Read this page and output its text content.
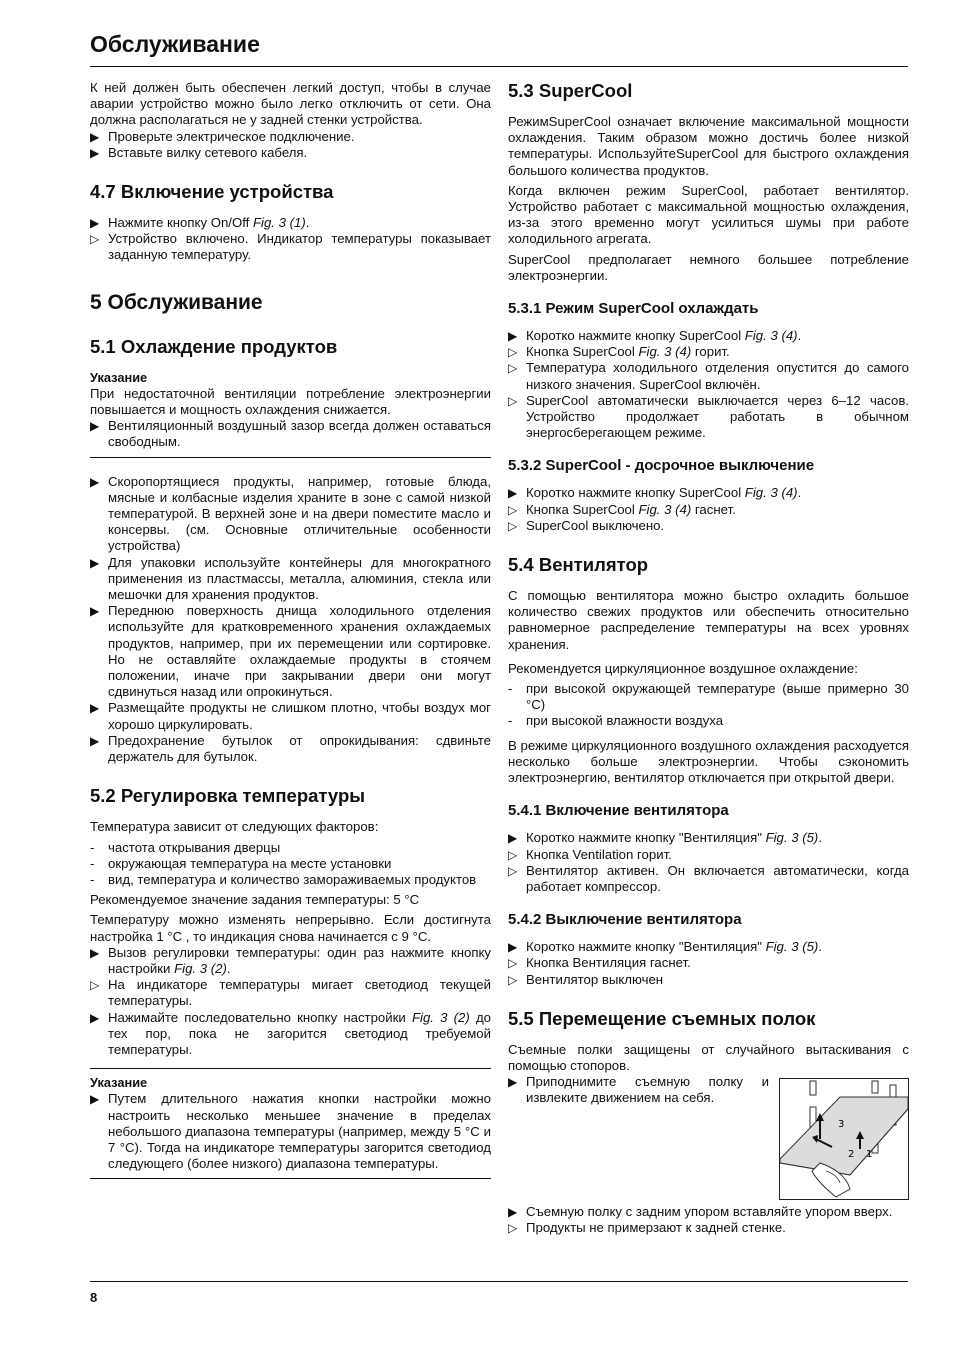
Обслуживание

К ней должен быть обеспечен легкий доступ, чтобы в случае аварии устройство можно было легко отключить от сети. Она должна располагаться не у задней стенки устройства.

▶ Проверьте электрическое подключение.
▶ Вставьте вилку сетевого кабеля.
4.7 Включение устройства
▶ Нажмите кнопку On/Off Fig. 3 (1).
▷ Устройство включено. Индикатор температуры показывает заданную температуру.
5 Обслуживание
5.1 Охлаждение продуктов
Указание

При недостаточной вентиляции потребление электроэнергии повышается и мощность охлаждения снижается.

▶ Вентиляционный воздушный зазор всегда должен оставаться свободным.
▶ Скоропортящиеся продукты, например, готовые блюда, мясные и колбасные изделия храните в зоне с самой низкой температурой. В верхней зоне и на двери поместите масло и консервы. (см. Основные отличительные особенности устройства)
▶ Для упаковки используйте контейнеры для многократного применения из пластмассы, металла, алюминия, стекла или мешочки для хранения продуктов.
▶ Переднюю поверхность днища холодильного отделения используйте для кратковременного хранения охлаждаемых продуктов, например, при их перемещении или сортировке. Но не оставляйте охлаждаемые продукты в стоячем положении, иначе при закрывании двери они могут сдвинуться назад или опрокинуться.
▶ Размещайте продукты не слишком плотно, чтобы воздух мог хорошо циркулировать.
▶ Предохранение бутылок от опрокидывания: сдвиньте держатель для бутылок.
5.2 Регулировка температуры

Температура зависит от следующих факторов:

-	частота открывания дверцы
-	окружающая температура на месте установки
-	вид, температура и количество замораживаемых продуктов

Рекомендуемое значение задания температуры: 5 °C

Температуру можно изменять непрерывно. Если достигнута настройка 1 °C , то индикация снова начинается с 9 °C.

▶ Вызов регулировки температуры: один раз нажмите кнопку настройки Fig. 3 (2).
▷ На индикаторе температуры мигает светодиод текущей температуры.
▶ Нажимайте последовательно кнопку настройки Fig. 3 (2) до тех пор, пока не загорится светодиод требуемой температуры.
Указание
▶ Путем длительного нажатия кнопки настройки можно настроить несколько меньшее значение в пределах небольшого диапазона температуры (например, между 5 °C и 7 °C). Тогда на индикаторе температуры загорится светодиод следующего (более низкого) диапазона температуры.
5.3 SuperCool

РежимSuperCool означает включение максимальной мощности охлаждения. Таким образом можно достичь более низкой температуры. ИспользуйтеSuperCool для быстрого охлаждения большого количества продуктов.

Когда включен режим SuperCool, работает вентилятор. Устройство работает с максимальной мощностью охлаждения, из-за этого временно могут усилиться шумы при работе холодильного агрегата.

SuperCool предполагает немного большее потребление электроэнергии.

5.3.1 Режим SuperCool охлаждать
▶ Коротко нажмите кнопку SuperCool Fig. 3 (4).
▷ Кнопка SuperCool Fig. 3 (4) горит.
▷ Температура холодильного отделения опустится до самого низкого значения. SuperCool включён.
▷ SuperCool автоматически выключается через 6–12 часов. Устройство продолжает работать в обычном энергосберегающем режиме.
5.3.2 SuperCool - досрочное выключение
▶ Коротко нажмите кнопку SuperCool Fig. 3 (4).
▷ Кнопка SuperCool Fig. 3 (4) гаснет.
▷ SuperCool выключено.
5.4 Вентилятор

С помощью вентилятора можно быстро охладить большое количество свежих продуктов или обеспечить относительно равномерное распределение температуры на всех уровнях хранения.

Рекомендуется циркуляционное воздушное охлаждение:

-	при высокой окружающей температуре (выше примерно 30 °C)
-	при высокой влажности воздуха

В режиме циркуляционного воздушного охлаждения расходуется несколько больше электроэнергии. Чтобы сэкономить электроэнергию, вентилятор отключается при открытой двери.

5.4.1 Включение вентилятора
▶ Коротко нажмите кнопку "Вентиляция" Fig. 3 (5).
▷ Кнопка Ventilation горит.
▷ Вентилятор активен. Он включается автоматически, когда работает компрессор.
5.4.2 Выключение вентилятора
▶ Коротко нажмите кнопку "Вентиляция" Fig. 3 (5).
▷ Кнопка Вентиляция гаснет.
▷ Вентилятор выключен
5.5 Перемещение съемных полок

Съемные полки защищены от случайного вытаскивания с помощью стопоров.

▶ Приподнимите съемную полку и извлеките движением на себя.
3
2 1
▶ Съемную полку с задним упором вставляйте упором вверх.
▷ Продукты не примерзают к задней стенке.
8
